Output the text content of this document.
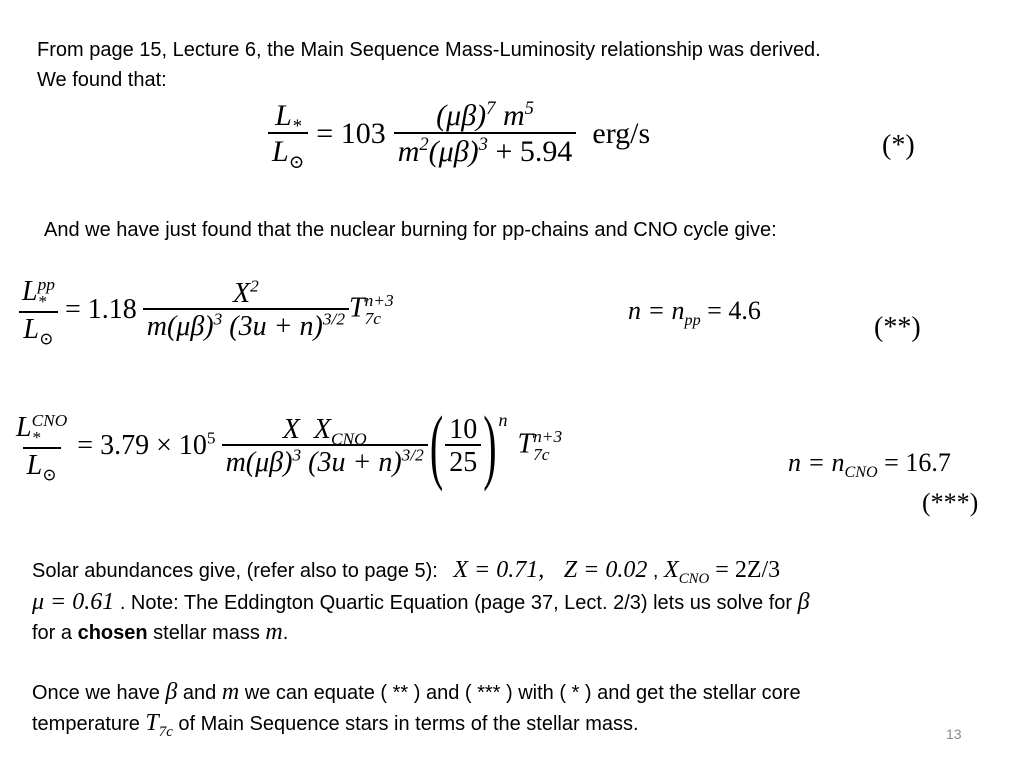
From page 15, Lecture 6, the Main Sequence Mass-Luminosity relationship was derived.
We found that:
$\frac{L_*}{L_⊙} = 103 \frac{(\mu\beta)^7 m^5}{m^2(\mu\beta)^3 + 5.94} erg/s$	(*)
And we have just found that the nuclear burning for pp-chains and CNO cycle give:
L pp
*
$L_⊙ = 1.18 \frac{X^2}{m(\mu\beta)^3 (3u + n)^{3/2}}$ T n+3
7c	$n = n_{pp} = 4.6$
(**)
L CNO
*
$L_⊙ = 3.79 \times 10^5 \frac{X X_{CNO}}{m(\mu\beta)^3 (3u + n)^{3/2}}$ ( $\frac{10}{25} )^n$
T n+3
7c	$n = n_{CNO} = 16.7$
(***)
Solar abundances give, (refer also to page 5): X = 0.71, Z = 0.02 , $X_{CNO} = 2Z/3$
μ = 0.61 . Note: The Eddington Quartic Equation (page 37, Lect. 2/3) lets us solve for β
for a chosen stellar mass m.
Once we have β and m we can equate ( ** ) and ( *** ) with ( * ) and get the stellar core
temperature $T_{7c}$ of Main Sequence stars in terms of the stellar mass.	13
